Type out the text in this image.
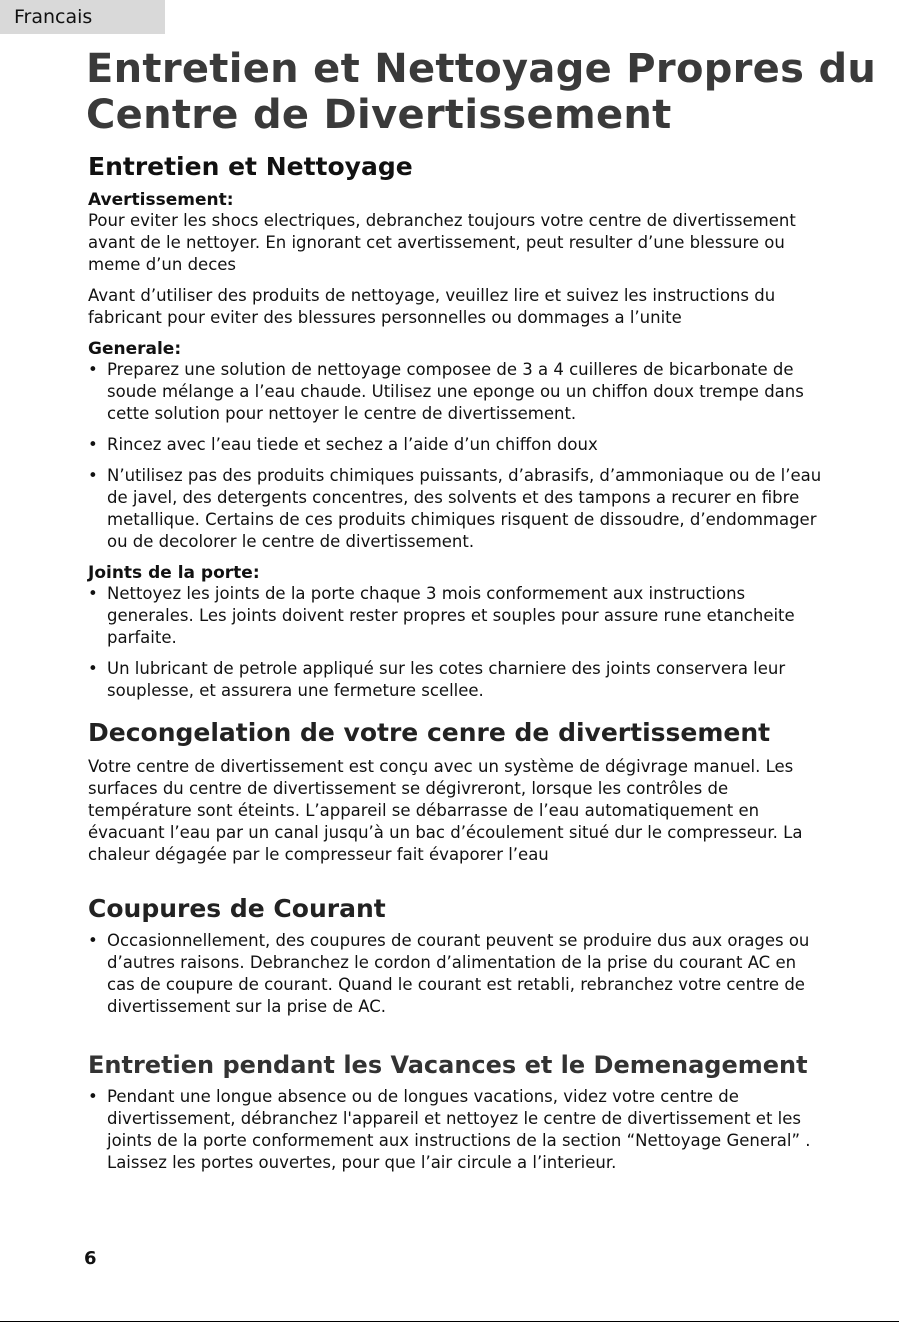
Francais
Entretien et Nettoyage Propres du
Centre de Divertissement
Entretien et Nettoyage
Avertissement:

Pour eviter les shocs electriques, debranchez toujours votre centre de divertissement avant de le nettoyer. En ignorant cet avertissement, peut resulter d’une blessure ou meme d’un deces

Avant d’utiliser des produits de nettoyage, veuillez lire et suivez les instructions du fabricant pour eviter des blessures personnelles ou dommages a l’unite

Generale:
• Preparez une solution de nettoyage composee de 3 a 4 cuilleres de bicarbonate de soude mélange a l’eau chaude. Utilisez une eponge ou un chiffon doux trempe dans cette solution pour nettoyer le centre de divertissement.
• Rincez avec l’eau tiede et sechez a l’aide d’un chiffon doux
• N’utilisez pas des produits chimiques puissants, d’abrasifs, d’ammoniaque ou de l’eau de javel, des detergents concentres, des solvents et des tampons a recurer en fibre metallique. Certains de ces produits chimiques risquent de dissoudre, d’endommager ou de decolorer le centre de divertissement.
Joints de la porte:
• Nettoyez les joints de la porte chaque 3 mois conformement aux instructions generales. Les joints doivent rester propres et souples pour assure rune etancheite parfaite.
• Un lubricant de petrole appliqué sur les cotes charniere des joints conservera leur souplesse, et assurera une fermeture scellee.
Decongelation de votre cenre de divertissement

Votre centre de divertissement est conçu avec un système de dégivrage manuel. Les surfaces du centre de divertissement se dégivreront, lorsque les contrôles de température sont éteints. L’appareil se débarrasse de l’eau automatiquement en évacuant l’eau par un canal jusqu’à un bac d’écoulement situé dur le compresseur. La chaleur dégagée par le compresseur fait évaporer l’eau

Coupures de Courant
• Occasionnellement, des coupures de courant peuvent se produire dus aux orages ou d’autres raisons. Debranchez le cordon d’alimentation de la prise du courant AC en cas de coupure de courant. Quand le courant est retabli, rebranchez votre centre de divertissement sur la prise de AC.
Entretien pendant les Vacances et le Demenagement
• Pendant une longue absence ou de longues vacations, videz votre centre de divertissement, débranchez l'appareil et nettoyez le centre de divertissement et les joints de la porte conformement aux instructions de la section “Nettoyage General” . Laissez les portes ouvertes, pour que l’air circule a l’interieur.
6
